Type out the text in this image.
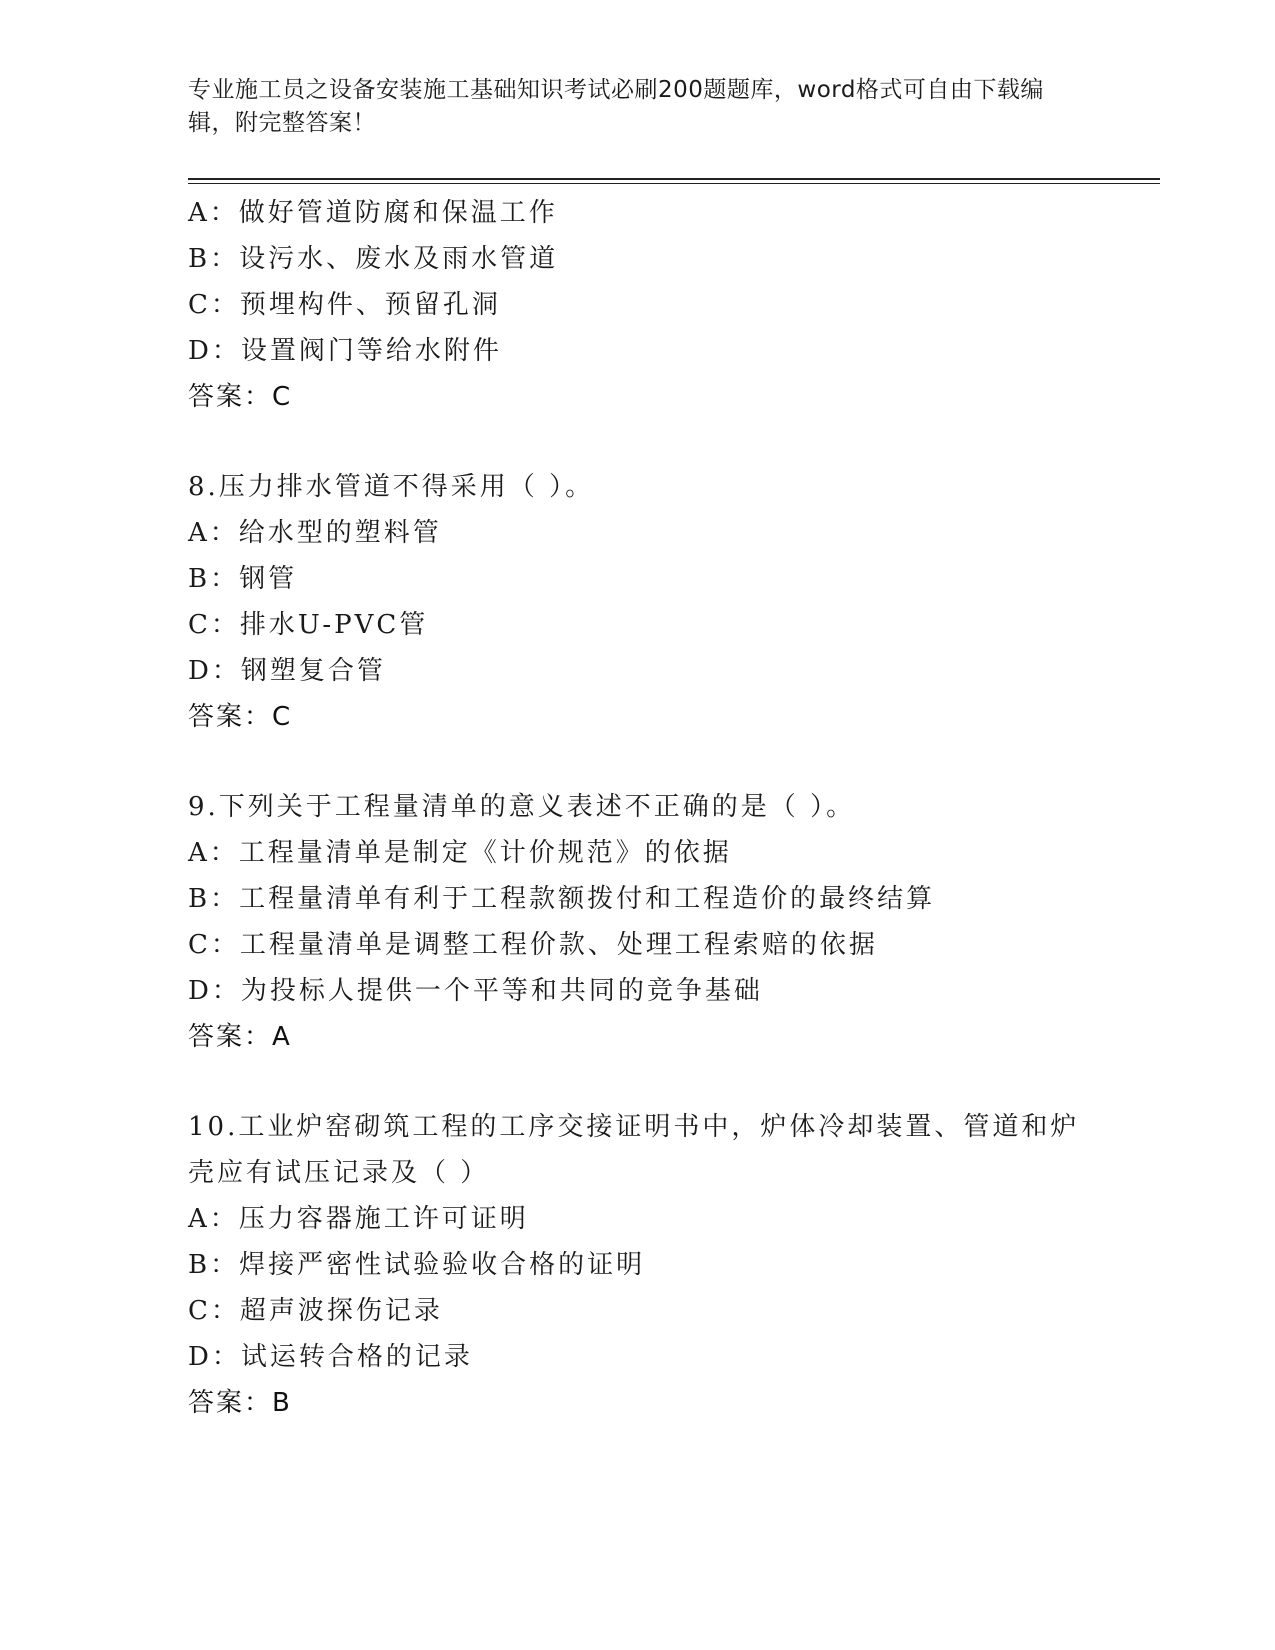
专业施工员之设备安装施工基础知识考试必刷200题题库，word格式可自由下载编辑，附完整答案！
A：做好管道防腐和保温工作
B：设污水、废水及雨水管道
C：预埋构件、预留孔洞
D：设置阀门等给水附件
答案：C
8.压力排水管道不得采用（ ）。
A：给水型的塑料管
B：钢管
C：排水U-PVC管
D：钢塑复合管
答案：C
9.下列关于工程量清单的意义表述不正确的是（ ）。
A：工程量清单是制定《计价规范》的依据
B：工程量清单有利于工程款额拨付和工程造价的最终结算
C：工程量清单是调整工程价款、处理工程索赔的依据
D：为投标人提供一个平等和共同的竞争基础
答案：A
10.工业炉窑砌筑工程的工序交接证明书中，炉体冷却装置、管道和炉壳应有试压记录及（ ）
A：压力容器施工许可证明
B：焊接严密性试验验收合格的证明
C：超声波探伤记录
D：试运转合格的记录
答案：B
